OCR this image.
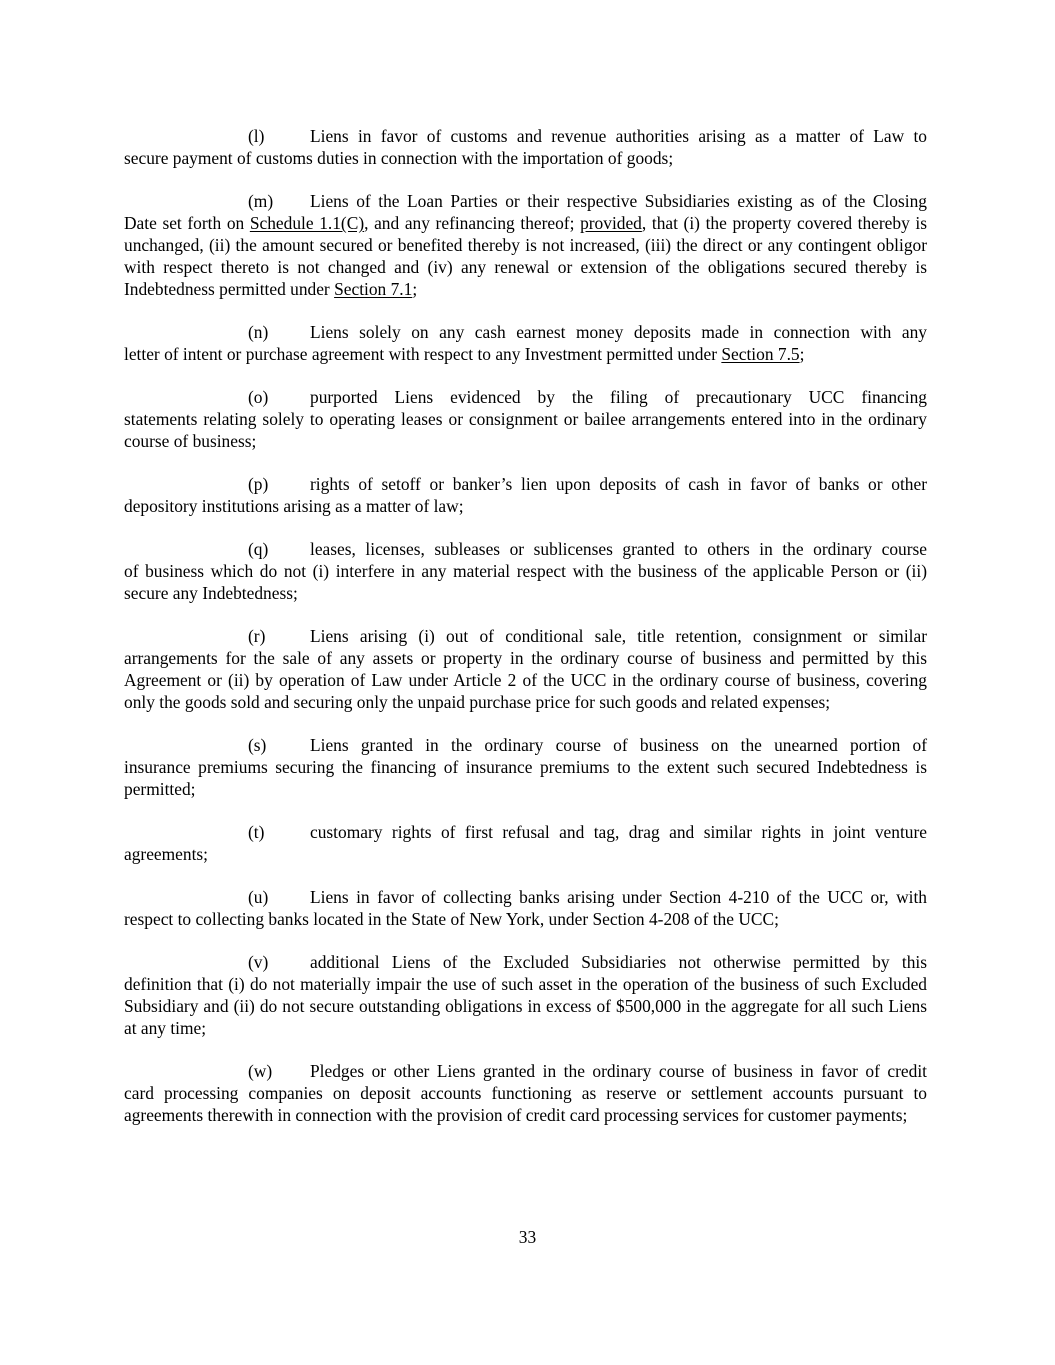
(l)	Liens in favor of customs and revenue authorities arising as a matter of Law to
secure payment of customs duties in connection with the importation of goods;
(m) Liens of the Loan Parties or their respective Subsidiaries existing as of the Closing
Date set forth on Schedule 1.1(C), and any refinancing thereof; provided, that (i) the property covered thereby is unchanged, (ii) the amount secured or benefited thereby is not increased, (iii) the direct or any contingent obligor with respect thereto is not changed and (iv) any renewal or extension of the obligations secured thereby is Indebtedness permitted under Section 7.1;
(n) Liens solely on any cash earnest money deposits made in connection with any
letter of intent or purchase agreement with respect to any Investment permitted under Section 7.5;
(o) purported Liens evidenced by the filing of precautionary UCC financing
statements relating solely to operating leases or consignment or bailee arrangements entered into in the ordinary course of business;
(p) rights of setoff or banker’s lien upon deposits of cash in favor of banks or other
depository institutions arising as a matter of law;
(q) leases, licenses, subleases or sublicenses granted to others in the ordinary course
of business which do not (i) interfere in any material respect with the business of the applicable Person or (ii) secure any Indebtedness;
(r)	Liens arising (i) out of conditional sale, title retention, consignment or similar
arrangements for the sale of any assets or property in the ordinary course of business and permitted by this Agreement or (ii) by operation of Law under Article 2 of the UCC in the ordinary course of business, covering only the goods sold and securing only the unpaid purchase price for such goods and related expenses;
(s)	Liens granted in the ordinary course of business on the unearned portion of
insurance premiums securing the financing of insurance premiums to the extent such secured Indebtedness is permitted;
(t)	customary rights of first refusal and tag, drag and similar rights in joint venture
agreements;
(u) Liens in favor of collecting banks arising under Section 4-210 of the UCC or, with
respect to collecting banks located in the State of New York, under Section 4-208 of the UCC;
(v) additional Liens of the Excluded Subsidiaries not otherwise permitted by this
definition that (i) do not materially impair the use of such asset in the operation of the business of such Excluded Subsidiary and (ii) do not secure outstanding obligations in excess of $500,000 in the aggregate for all such Liens at any time;
(w) Pledges or other Liens granted in the ordinary course of business in favor of credit
card processing companies on deposit accounts functioning as reserve or settlement accounts pursuant to agreements therewith in connection with the provision of credit card processing services for customer payments;
33
